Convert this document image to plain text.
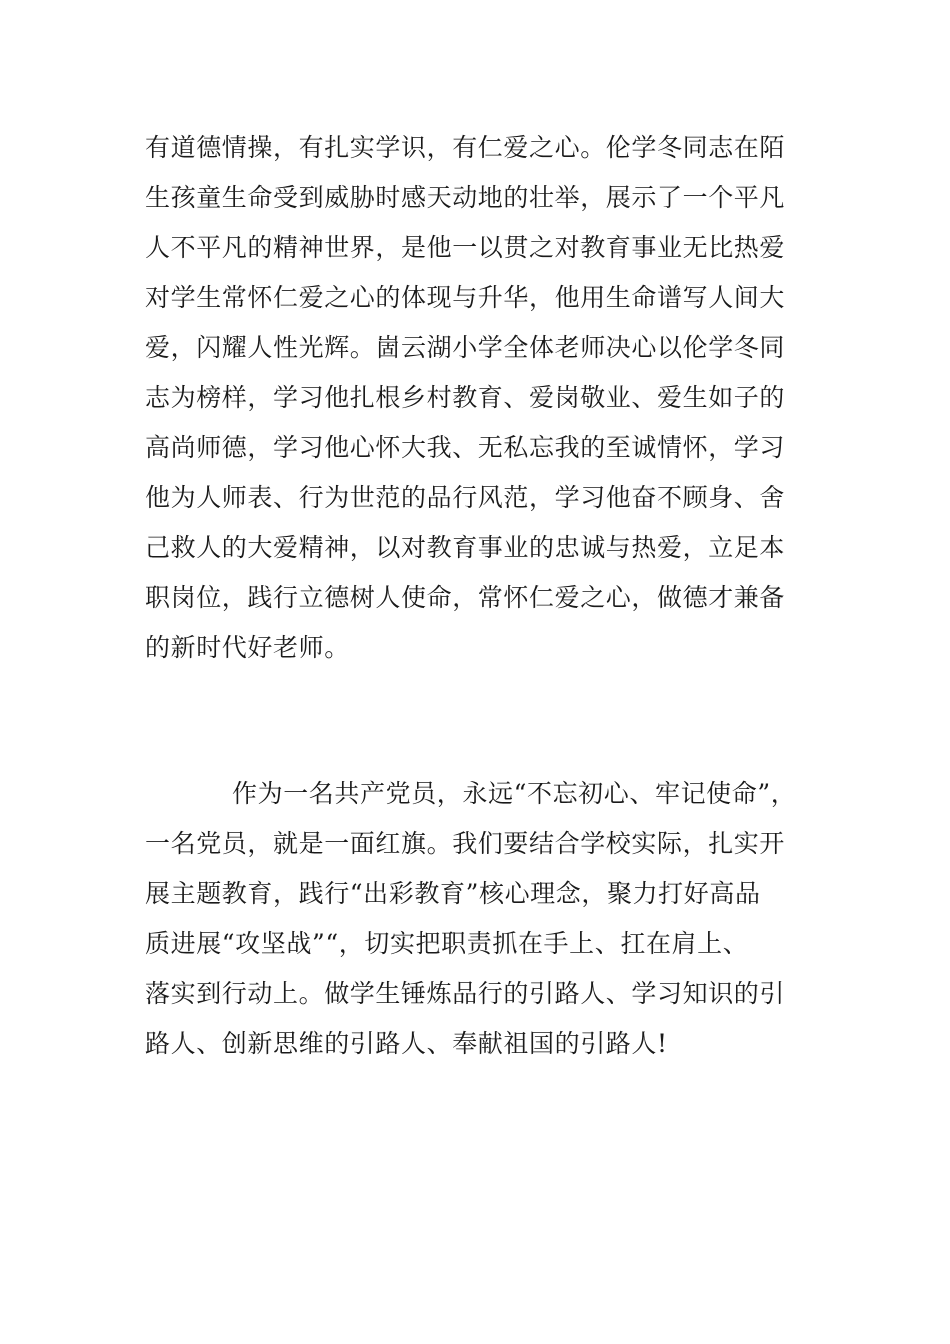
有道德情操，有扎实学识，有仁爱之心。伦学冬同志在陌

生孩童生命受到威胁时感天动地的壮举，展示了一个平凡

人不平凡的精神世界，是他一以贯之对教育事业无比热爱

对学生常怀仁爱之心的体现与升华，他用生命谱写人间大

爱，闪耀人性光辉。崮云湖小学全体老师决心以伦学冬同

志为榜样，学习他扎根乡村教育、爱岗敬业、爱生如子的

高尚师德，学习他心怀大我、无私忘我的至诚情怀，学习

他为人师表、行为世范的品行风范，学习他奋不顾身、舍

己救人的大爱精神，以对教育事业的忠诚与热爱，立足本

职岗位，践行立德树人使命，常怀仁爱之心，做德才兼备

的新时代好老师。

作为一名共产党员，永远“不忘初心、牢记使命”，

一名党员，就是一面红旗。我们要结合学校实际，扎实开

展主题教育，践行“出彩教育”核心理念，聚力打好高品

质进展“攻坚战”“，切实把职责抓在手上、扛在肩上、

落实到行动上。做学生锤炼品行的引路人、学习知识的引

路人、创新思维的引路人、奉献祖国的引路人!
